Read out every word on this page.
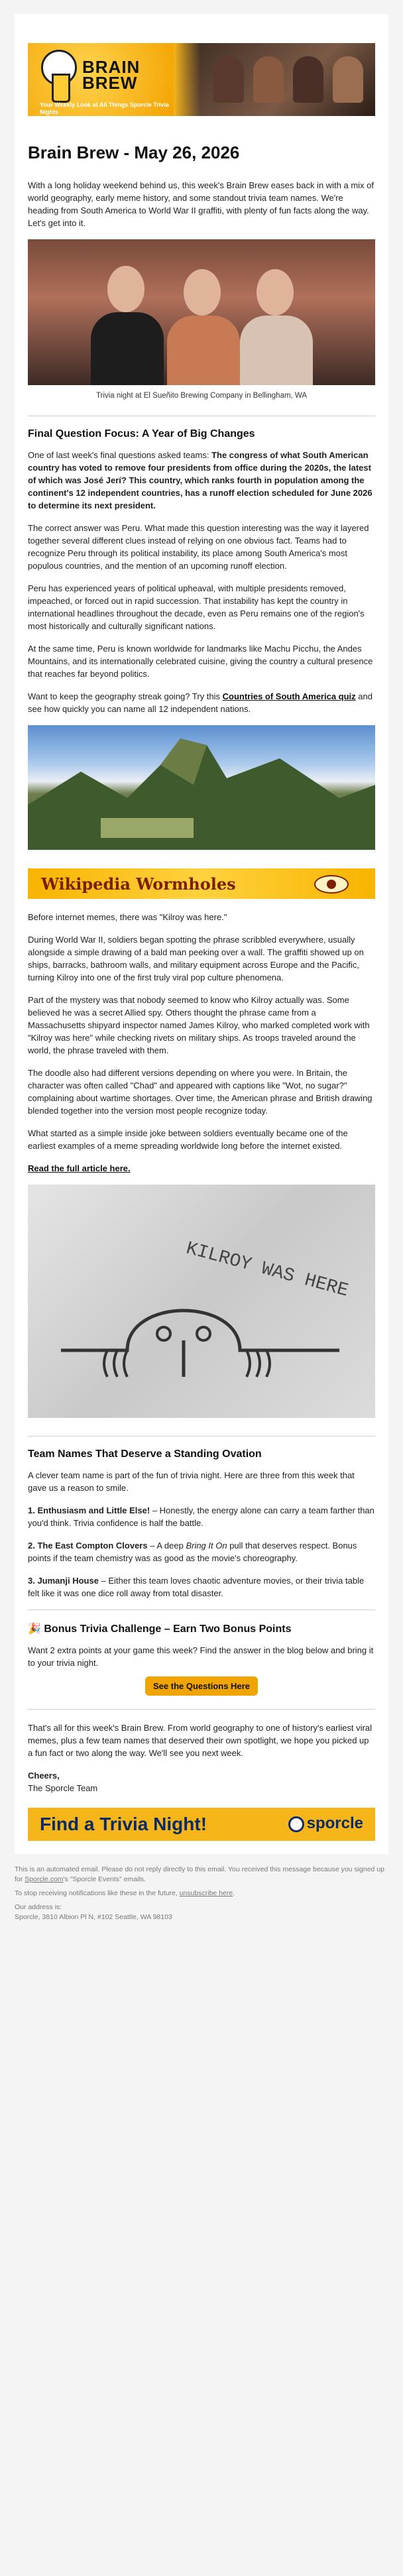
BRAIN
BREW
Your Weekly Look at All Things Sporcle Trivia Nights
Brain Brew - May 26, 2026

With a long holiday weekend behind us, this week's Brain Brew eases back in with a mix of world geography, early meme history, and some standout trivia team names. We're heading from South America to World War II graffiti, with plenty of fun facts along the way. Let's get into it.

Trivia night at El Sueñito Brewing Company in Bellingham, WA
Final Question Focus: A Year of Big Changes

One of last week's final questions asked teams: The congress of what South American country has voted to remove four presidents from office during the 2020s, the latest of which was José Jerí? This country, which ranks fourth in population among the continent's 12 independent countries, has a runoff election scheduled for June 2026 to determine its next president.

The correct answer was Peru. What made this question interesting was the way it layered together several different clues instead of relying on one obvious fact. Teams had to recognize Peru through its political instability, its place among South America's most populous countries, and the mention of an upcoming runoff election.

Peru has experienced years of political upheaval, with multiple presidents removed, impeached, or forced out in rapid succession. That instability has kept the country in international headlines throughout the decade, even as Peru remains one of the region's most historically and culturally significant nations.

At the same time, Peru is known worldwide for landmarks like Machu Picchu, the Andes Mountains, and its internationally celebrated cuisine, giving the country a cultural presence that reaches far beyond politics.

Want to keep the geography streak going? Try this Countries of South America quiz and see how quickly you can name all 12 independent nations.

Wikipedia Wormholes

Before internet memes, there was "Kilroy was here."

During World War II, soldiers began spotting the phrase scribbled everywhere, usually alongside a simple drawing of a bald man peeking over a wall. The graffiti showed up on ships, barracks, bathroom walls, and military equipment across Europe and the Pacific, turning Kilroy into one of the first truly viral pop culture phenomena.

Part of the mystery was that nobody seemed to know who Kilroy actually was. Some believed he was a secret Allied spy. Others thought the phrase came from a Massachusetts shipyard inspector named James Kilroy, who marked completed work with "Kilroy was here" while checking rivets on military ships. As troops traveled around the world, the phrase traveled with them.

The doodle also had different versions depending on where you were. In Britain, the character was often called "Chad" and appeared with captions like "Wot, no sugar?" complaining about wartime shortages. Over time, the American phrase and British drawing blended together into the version most people recognize today.

What started as a simple inside joke between soldiers eventually became one of the earliest examples of a meme spreading worldwide long before the internet existed.

Read the full article here.

KILROY WAS HERE
Team Names That Deserve a Standing Ovation

A clever team name is part of the fun of trivia night. Here are three from this week that gave us a reason to smile.

1. Enthusiasm and Little Else! – Honestly, the energy alone can carry a team farther than you'd think. Trivia confidence is half the battle.

2. The East Compton Clovers – A deep Bring It On pull that deserves respect. Bonus points if the team chemistry was as good as the movie's choreography.

3. Jumanji House – Either this team loves chaotic adventure movies, or their trivia table felt like it was one dice roll away from total disaster.

🎉 Bonus Trivia Challenge – Earn Two Bonus Points

Want 2 extra points at your game this week? Find the answer in the blog below and bring it to your trivia night.

See the Questions Here

That's all for this week's Brain Brew. From world geography to one of history's earliest viral memes, plus a few team names that deserved their own spotlight, we hope you picked up a fun fact or two along the way. We'll see you next week.

Cheers,

The Sporcle Team

Find a Trivia Night!	sporcle
This is an automated email. Please do not reply directly to this email. You received this message because you signed up for Sporcle.com's "Sporcle Events" emails.
To stop receiving notifications like these in the future, unsubscribe here.
Our address is:
Sporcle, 3810 Albion Pl N, #102 Seattle, WA 98103
